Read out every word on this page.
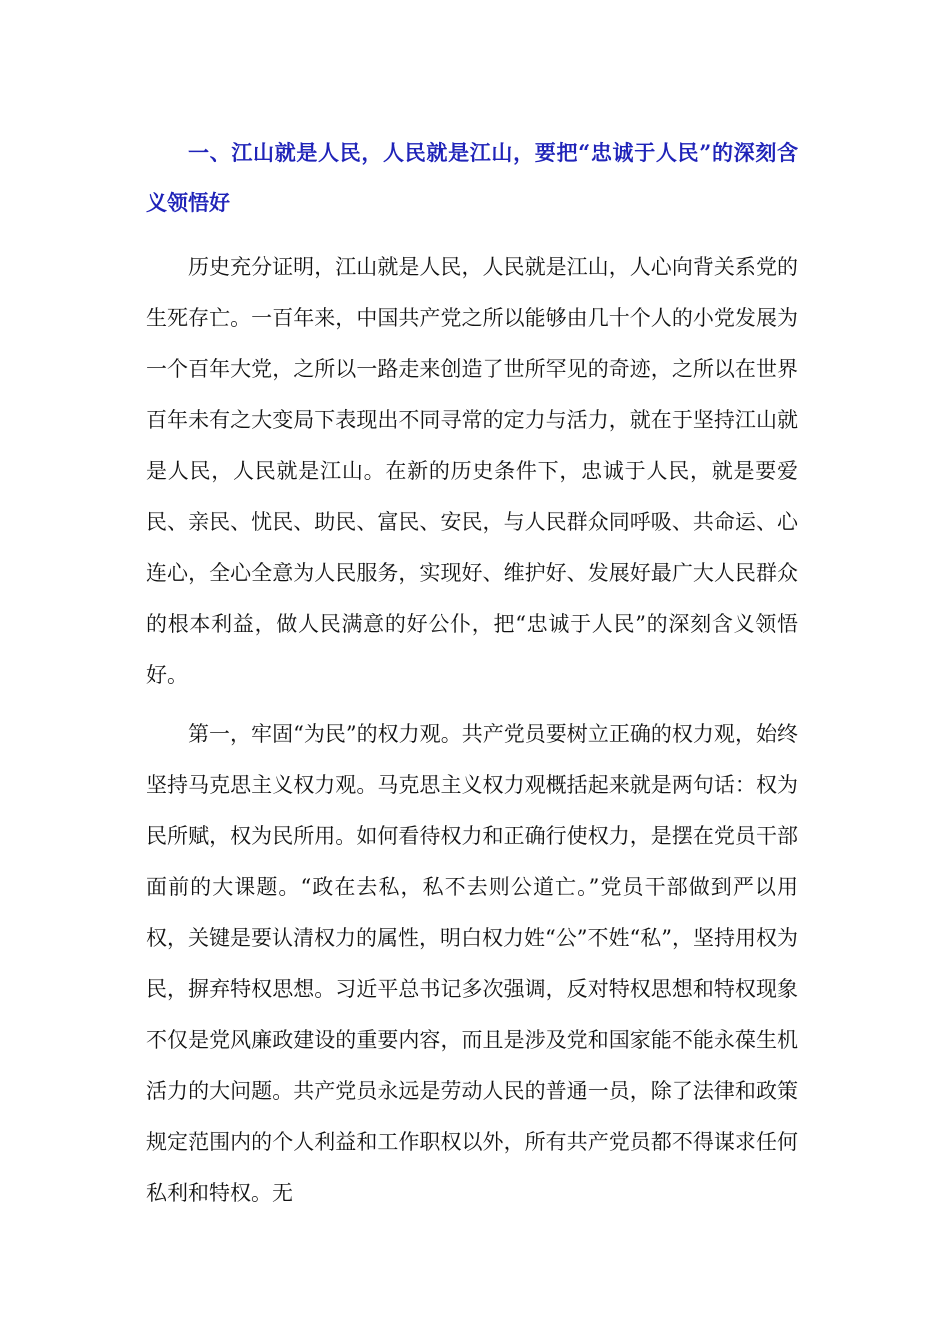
一、江山就是人民，人民就是江山，要把“忠诚于人民”的深刻含义领悟好

历史充分证明，江山就是人民，人民就是江山，人心向背关系党的生死存亡。一百年来，中国共产党之所以能够由几十个人的小党发展为一个百年大党，之所以一路走来创造了世所罕见的奇迹，之所以在世界百年未有之大变局下表现出不同寻常的定力与活力，就在于坚持江山就是人民，人民就是江山。在新的历史条件下，忠诚于人民，就是要爱民、亲民、忧民、助民、富民、安民，与人民群众同呼吸、共命运、心连心，全心全意为人民服务，实现好、维护好、发展好最广大人民群众的根本利益，做人民满意的好公仆，把“忠诚于人民”的深刻含义领悟好。

第一，牢固“为民”的权力观。共产党员要树立正确的权力观，始终坚持马克思主义权力观。马克思主义权力观概括起来就是两句话：权为民所赋，权为民所用。如何看待权力和正确行使权力，是摆在党员干部面前的大课题。“政在去私，私不去则公道亡。”党员干部做到严以用权，关键是要认清权力的属性，明白权力姓“公”不姓“私”，坚持用权为民，摒弃特权思想。习近平总书记多次强调，反对特权思想和特权现象不仅是党风廉政建设的重要内容，而且是涉及党和国家能不能永葆生机活力的大问题。共产党员永远是劳动人民的普通一员，除了法律和政策规定范围内的个人利益和工作职权以外，所有共产党员都不得谋求任何私利和特权。无
